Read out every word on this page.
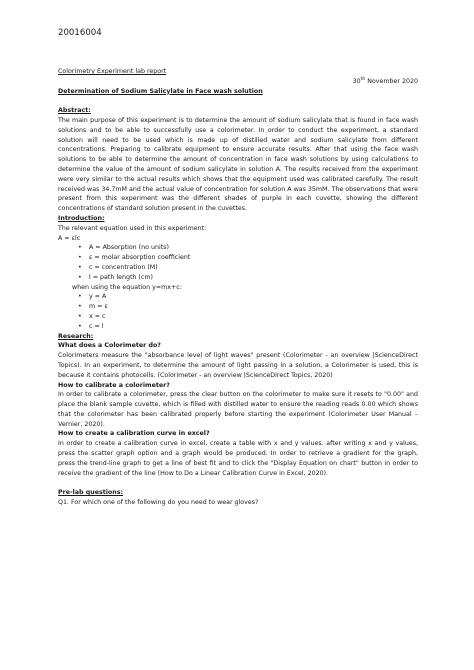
20016004
Colorimetry Experiment lab report
30th November 2020
Determination of Sodium Salicylate in Face wash solution
Abstract:

The main purpose of this experiment is to determine the amount of sodium salicylate that is found in face wash solutions and to be able to successfully use a colorimeter. In order to conduct the experiment, a standard solution will need to be used which is made up of distilled water and sodium salicylate from different concentrations. Preparing to calibrate equipment to ensure accurate results. After that using the face wash solutions to be able to determine the amount of concentration in face wash solutions by using calculations to determine the value of the amount of sodium salicylate in solution A. The results received from the experiment were very similar to the actual results which shows that the equipment used was calibrated carefully. The result received was 34.7mM and the actual value of concentration for solution A was 35mM. The observations that were present from this experiment was the different shades of purple in each cuvette, showing the different concentrations of standard solution present in the cuvettes.

Introduction:
The relevant equation used in this experiment:
A = εlc
• A = Absorption (no units)
• ε = molar absorption coefficient
• c = concentration (M)
• l = path length (cm)
when using the equation y=mx+c:
• y = A
• m = ε
• x = c
• c = l
Research:
What does a Colorimeter do?

Colorimeters measure the "absorbance level of light waves" present (Colorimeter - an overview |ScienceDirect Topics). In an experiment, to determine the amount of light passing in a solution, a Colorimeter is used, this is because it contains photocells. (Colorimeter - an overview |ScienceDirect Topics, 2020)

How to calibrate a colorimeter?

In order to calibrate a colorimeter, press the clear button on the colorimeter to make sure it resets to "0.00" and place the blank sample cuvette, which is filled with distilled water to ensure the reading reads 0.00 which shows that the colorimeter has been calibrated properly before starting the experiment (Colorimeter User Manual – Vernier, 2020).

How to create a calibration curve in excel?

In order to create a calibration curve in excel, create a table with x and y values. after writing x and y values, press the scatter graph option and a graph would be produced. In order to retrieve a gradient for the graph, press the trend-line graph to get a line of best fit and to click the "Display Equation on chart" button in order to receive the gradient of the line (How to Do a Linear Calibration Curve in Excel, 2020).

Pre-lab questions:
Q1. For which one of the following do you need to wear gloves?
